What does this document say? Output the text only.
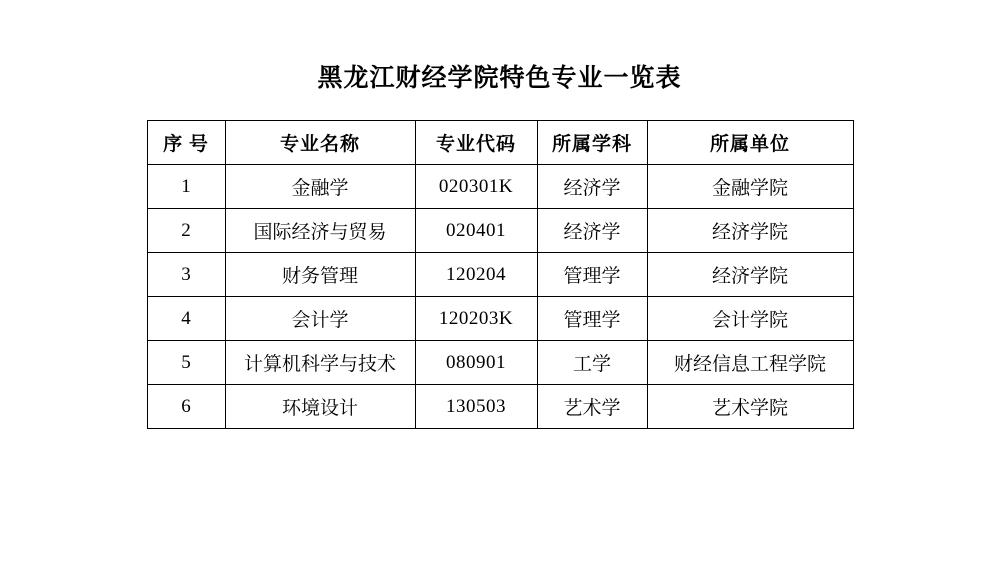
黑龙江财经学院特色专业一览表
序 号	专业名称	专业代码	所属学科	所属单位
1	金融学	020301K	经济学	金融学院
2	国际经济与贸易	020401	经济学	经济学院
3	财务管理	120204	管理学	经济学院
4	会计学	120203K	管理学	会计学院
5	计算机科学与技术	080901	工学	财经信息工程学院
6	环境设计	130503	艺术学	艺术学院
